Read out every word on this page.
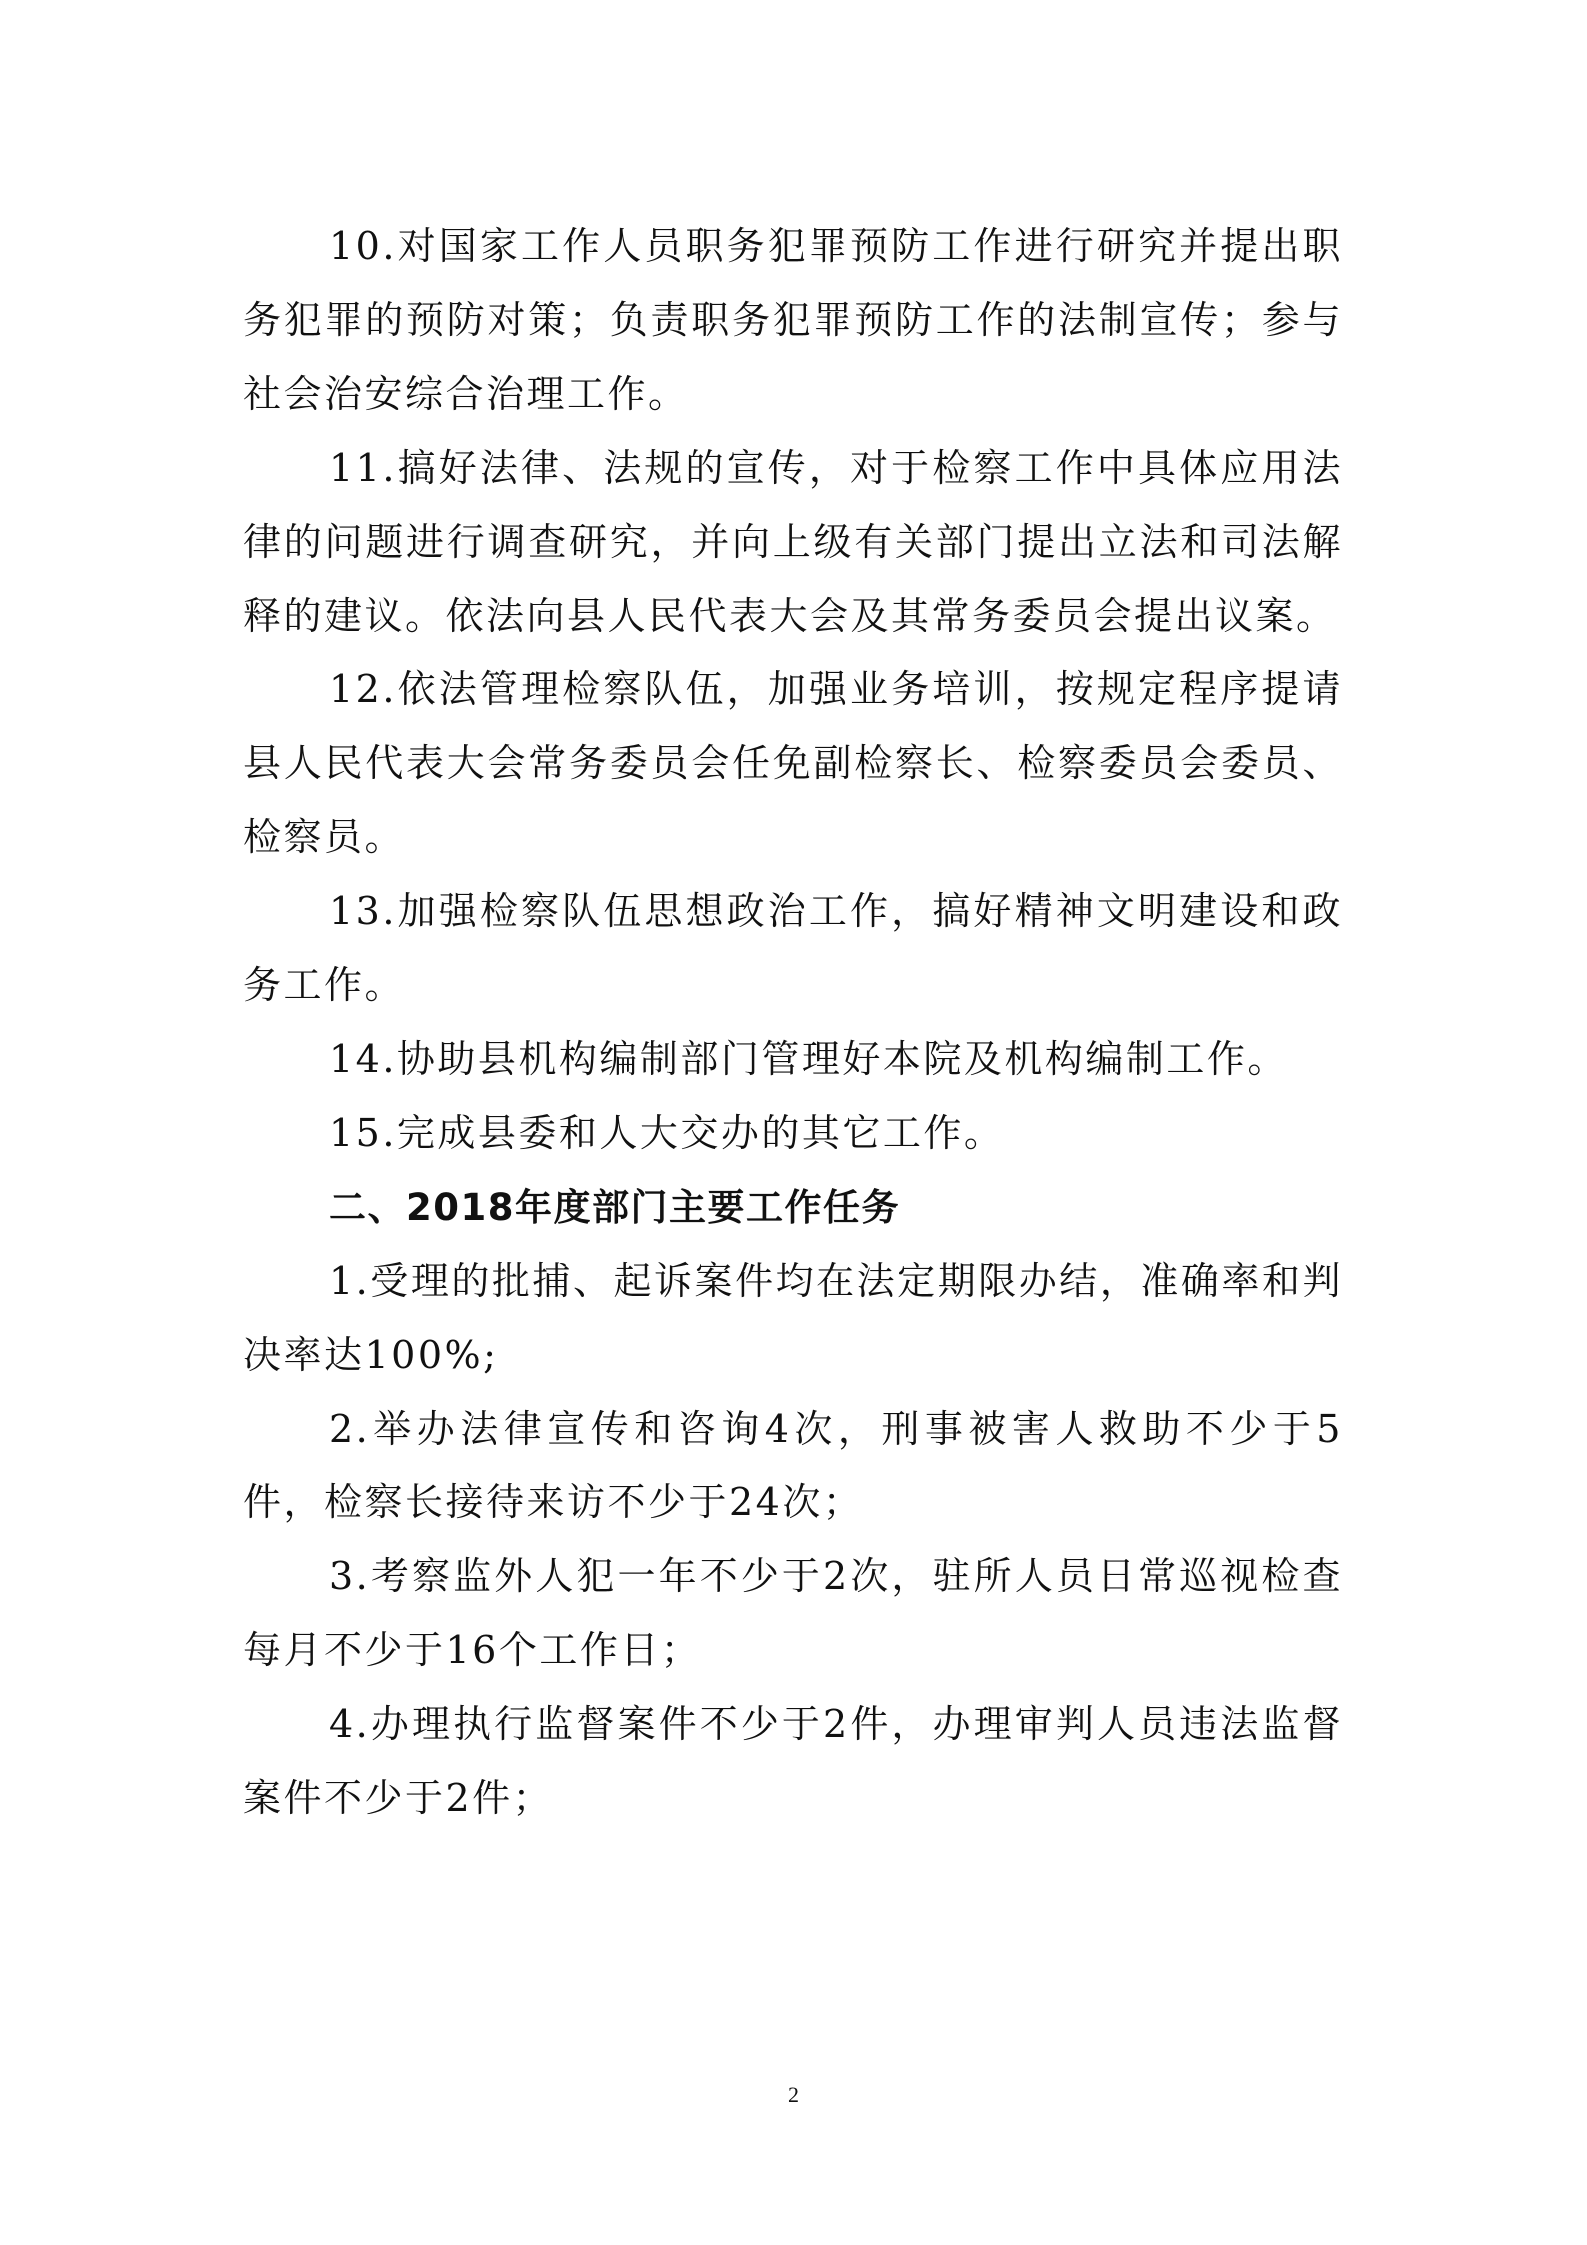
10.对国家工作人员职务犯罪预防工作进行研究并提出职务犯罪的预防对策；负责职务犯罪预防工作的法制宣传；参与社会治安综合治理工作。

11.搞好法律、法规的宣传，对于检察工作中具体应用法律的问题进行调查研究，并向上级有关部门提出立法和司法解释的建议。依法向县人民代表大会及其常务委员会提出议案。

12.依法管理检察队伍，加强业务培训，按规定程序提请县人民代表大会常务委员会任免副检察长、检察委员会委员、检察员。

13.加强检察队伍思想政治工作，搞好精神文明建设和政务工作。

14.协助县机构编制部门管理好本院及机构编制工作。

15.完成县委和人大交办的其它工作。

二、2018年度部门主要工作任务

1.受理的批捕、起诉案件均在法定期限办结，准确率和判决率达100%;

2.举办法律宣传和咨询4次，刑事被害人救助不少于5件，检察长接待来访不少于24次；

3.考察监外人犯一年不少于2次，驻所人员日常巡视检查每月不少于16个工作日；

4.办理执行监督案件不少于2件，办理审判人员违法监督案件不少于2件；

2
